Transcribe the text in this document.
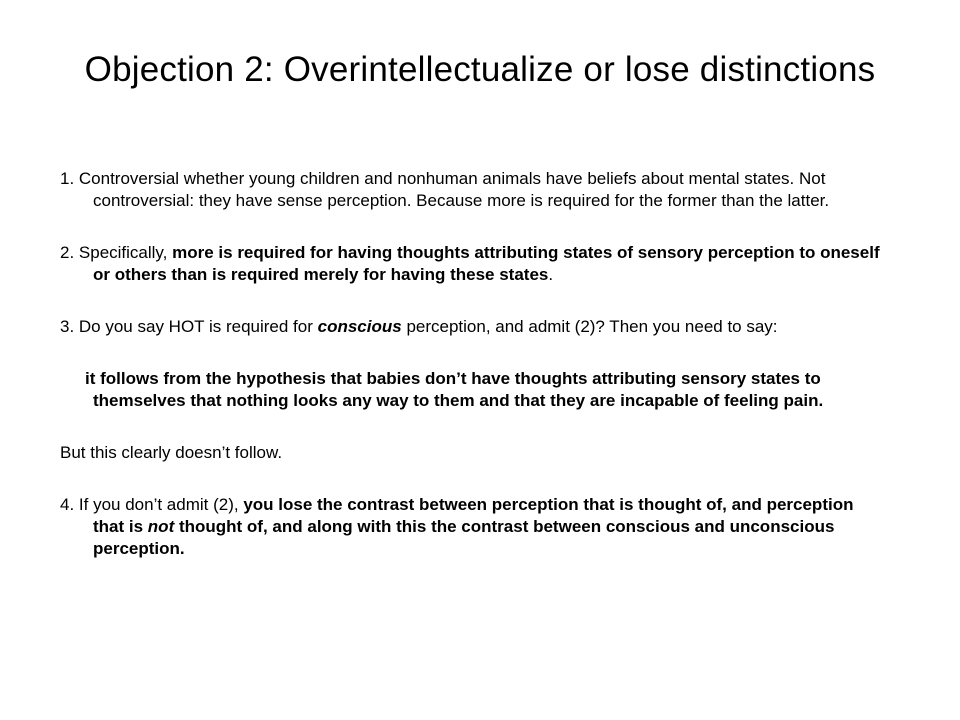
Objection 2: Overintellectualize or lose distinctions

1. Controversial whether young children and nonhuman animals have beliefs about mental states. Not controversial: they have sense perception. Because more is required for the former than the latter.

2. Specifically, more is required for having thoughts attributing states of sensory perception to oneself or others than is required merely for having these states.

3. Do you say HOT is required for conscious perception, and admit (2)? Then you need to say:

it follows from the hypothesis that babies don’t have thoughts attributing sensory states to themselves that nothing looks any way to them and that they are incapable of feeling pain.

But this clearly doesn’t follow.

4. If you don’t admit (2), you lose the contrast between perception that is thought of, and perception that is not thought of, and along with this the contrast between conscious and unconscious perception.
